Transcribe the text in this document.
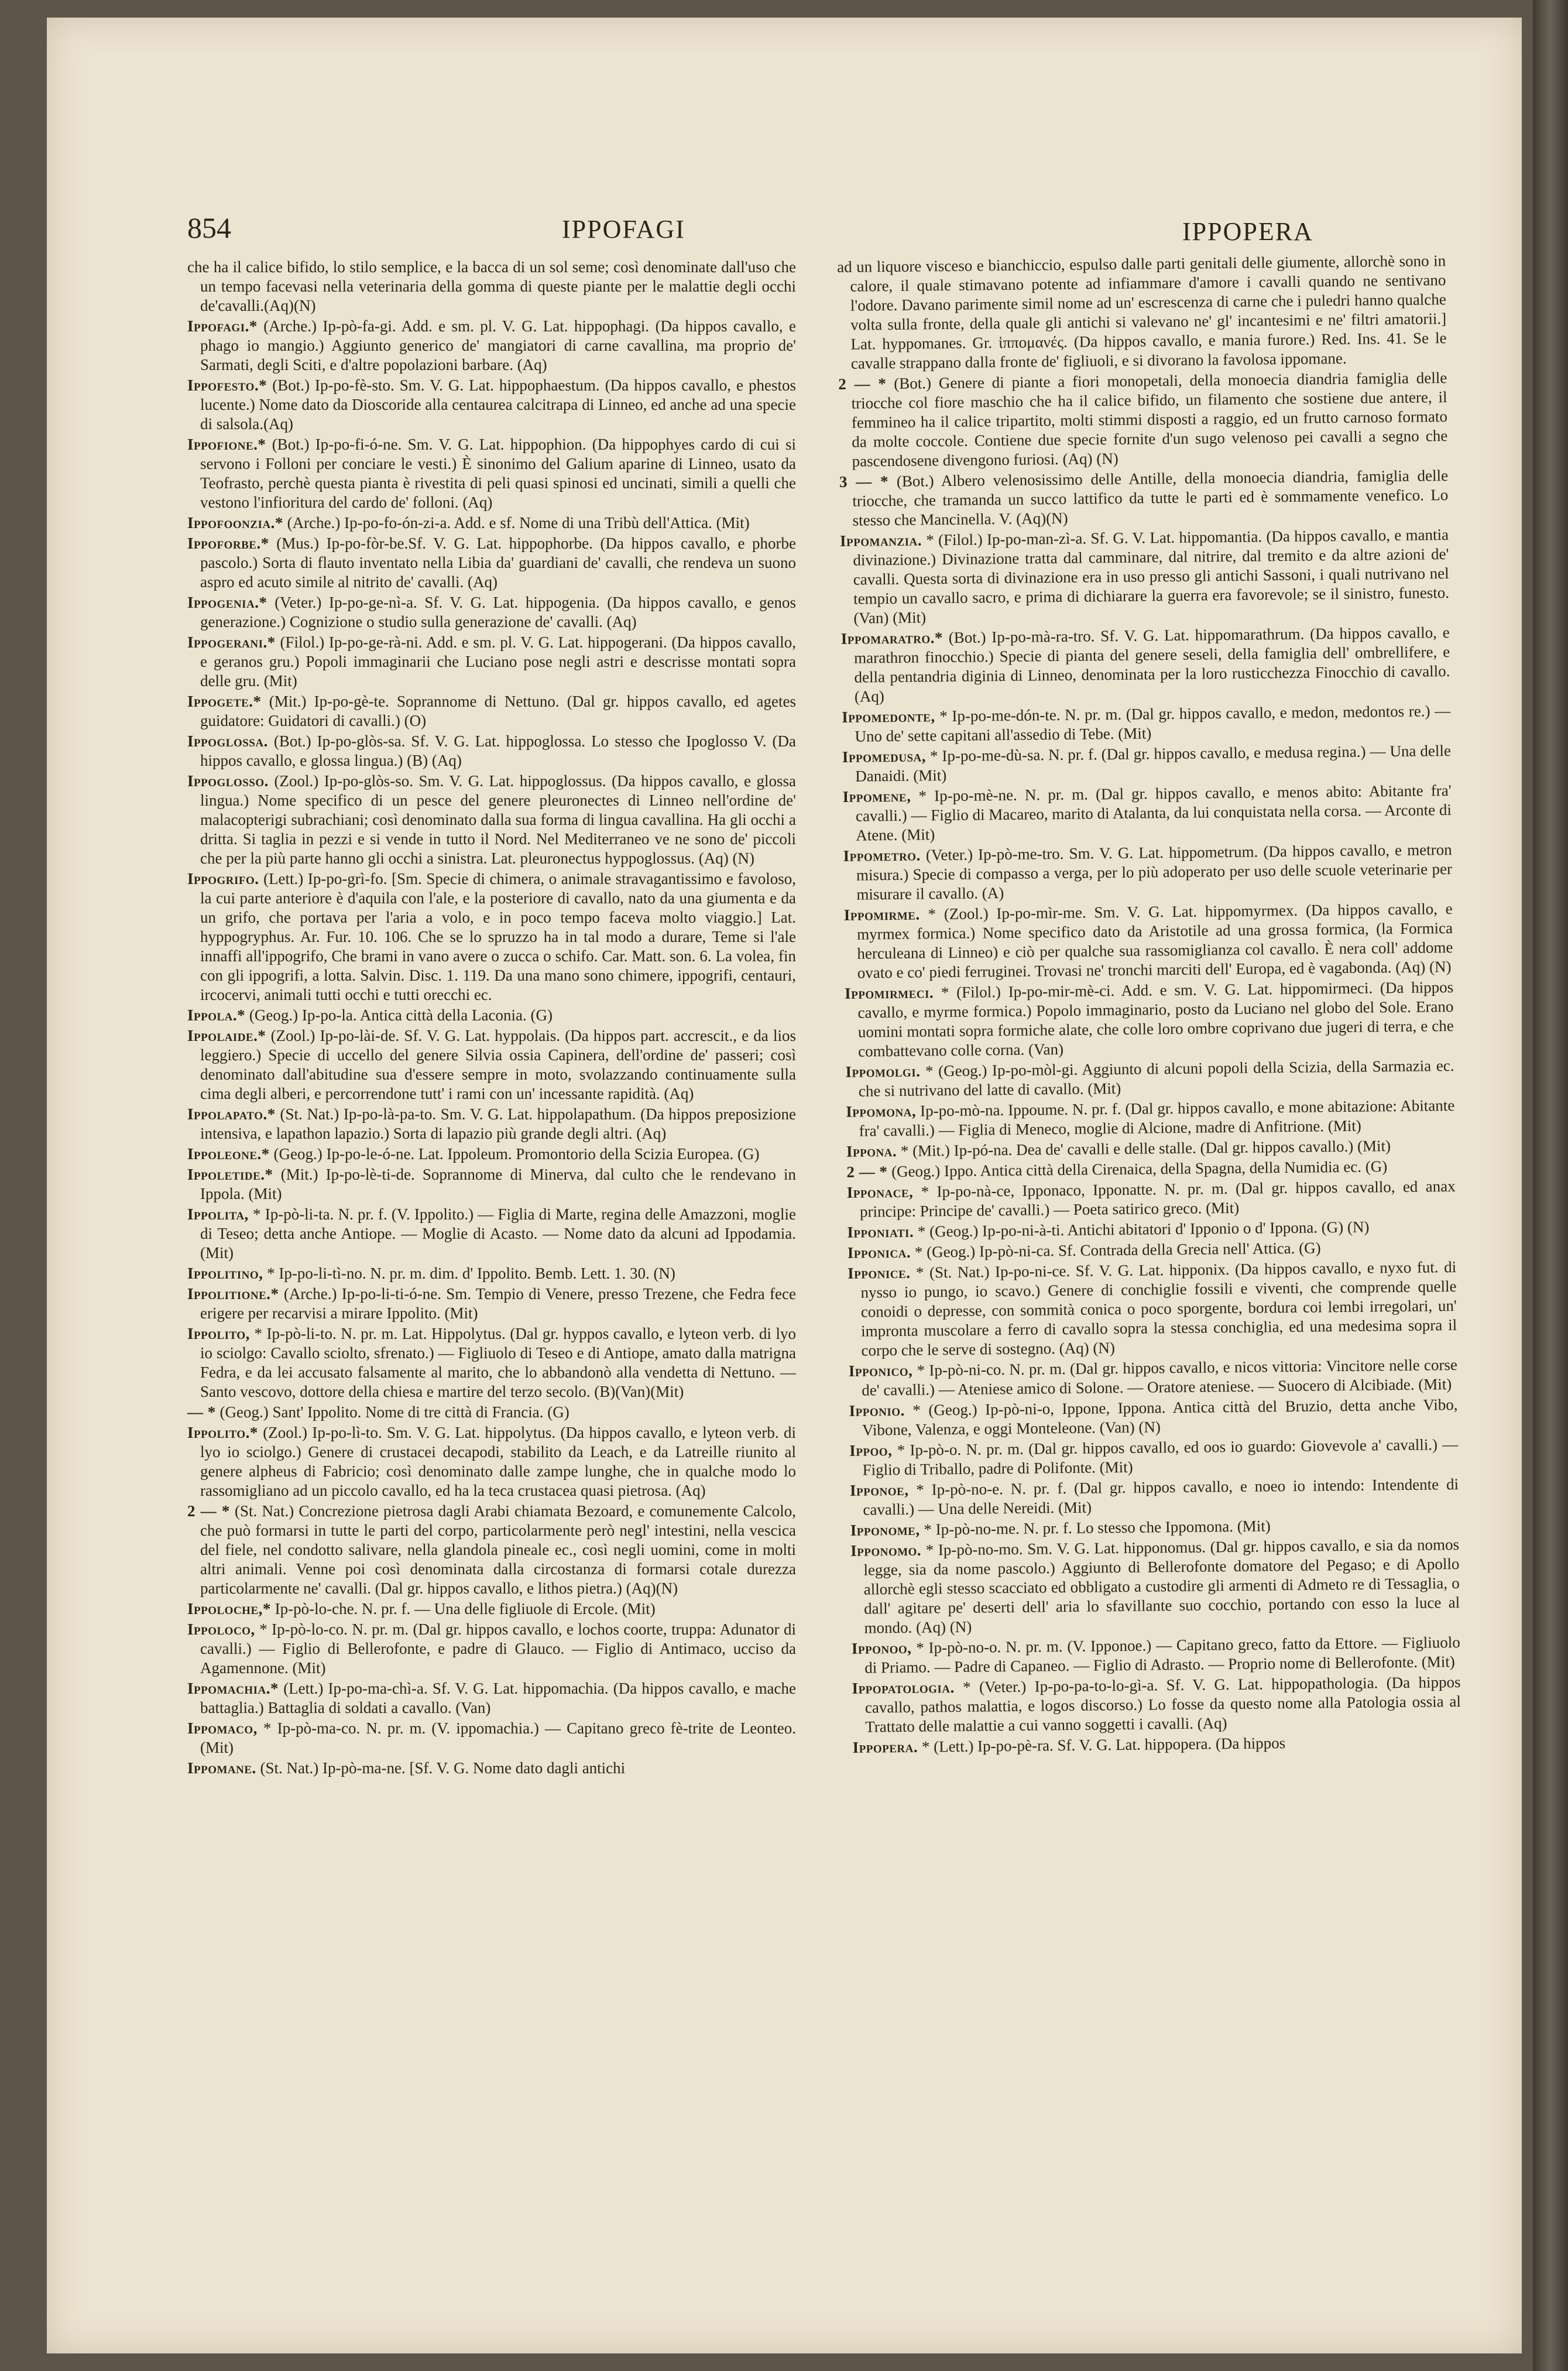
854	IPPOFAGI	IPPOPERA

che ha il calice bifido, lo stilo semplice, e la bacca di un sol seme; così denominate dall'uso che un tempo facevasi nella veterinaria della gomma di queste piante per le malattie degli occhi de'cavalli.(Aq)(N)

Ippofagi.* (Arche.) Ip-pò-fa-gi. Add. e sm. pl. V. G. Lat. hippophagi. (Da hippos cavallo, e phago io mangio.) Aggiunto generico de' mangiatori di carne cavallina, ma proprio de' Sarmati, degli Sciti, e d'altre popolazioni barbare. (Aq)

Ippofesto.* (Bot.) Ip-po-fè-sto. Sm. V. G. Lat. hippophaestum. (Da hippos cavallo, e phestos lucente.) Nome dato da Dioscoride alla centaurea calcitrapa di Linneo, ed anche ad una specie di salsola.(Aq)

Ippofione.* (Bot.) Ip-po-fi-ó-ne. Sm. V. G. Lat. hippophion. (Da hippophyes cardo di cui si servono i Folloni per conciare le vesti.) È sinonimo del Galium aparine di Linneo, usato da Teofrasto, perchè questa pianta è rivestita di peli quasi spinosi ed uncinati, simili a quelli che vestono l'infioritura del cardo de' folloni. (Aq)

Ippofoonzia.* (Arche.) Ip-po-fo-ón-zi-a. Add. e sf. Nome di una Tribù dell'Attica. (Mit)

Ippoforbe.* (Mus.) Ip-po-fòr-be.Sf. V. G. Lat. hippophorbe. (Da hippos cavallo, e phorbe pascolo.) Sorta di flauto inventato nella Libia da' guardiani de' cavalli, che rendeva un suono aspro ed acuto simile al nitrito de' cavalli. (Aq)

Ippogenia.* (Veter.) Ip-po-ge-nì-a. Sf. V. G. Lat. hippogenia. (Da hippos cavallo, e genos generazione.) Cognizione o studio sulla generazione de' cavalli. (Aq)

Ippogerani.* (Filol.) Ip-po-ge-rà-ni. Add. e sm. pl. V. G. Lat. hippogerani. (Da hippos cavallo, e geranos gru.) Popoli immaginarii che Luciano pose negli astri e descrisse montati sopra delle gru. (Mit)

Ippogete.* (Mit.) Ip-po-gè-te. Soprannome di Nettuno. (Dal gr. hippos cavallo, ed agetes guidatore: Guidatori di cavalli.) (O)

Ippoglossa. (Bot.) Ip-po-glòs-sa. Sf. V. G. Lat. hippoglossa. Lo stesso che Ipoglosso V. (Da hippos cavallo, e glossa lingua.) (B) (Aq)

Ippoglosso. (Zool.) Ip-po-glòs-so. Sm. V. G. Lat. hippoglossus. (Da hippos cavallo, e glossa lingua.) Nome specifico di un pesce del genere pleuronectes di Linneo nell'ordine de' malacopterigi subrachiani; così denominato dalla sua forma di lingua cavallina. Ha gli occhi a dritta. Si taglia in pezzi e si vende in tutto il Nord. Nel Mediterraneo ve ne sono de' piccoli che per la più parte hanno gli occhi a sinistra. Lat. pleuronectus hyppoglossus. (Aq) (N)

Ippogrifo. (Lett.) Ip-po-grì-fo. [Sm. Specie di chimera, o animale stravagantissimo e favoloso, la cui parte anteriore è d'aquila con l'ale, e la posteriore di cavallo, nato da una giumenta e da un grifo, che portava per l'aria a volo, e in poco tempo faceva molto viaggio.] Lat. hyppogryphus. Ar. Fur. 10. 106. Che se lo spruzzo ha in tal modo a durare, Teme si l'ale innaffi all'ippogrifo, Che brami in vano avere o zucca o schifo. Car. Matt. son. 6. La volea, fin con gli ippogrifi, a lotta. Salvin. Disc. 1. 119. Da una mano sono chimere, ippogrifi, centauri, ircocervi, animali tutti occhi e tutti orecchi ec.

Ippola.* (Geog.) Ip-po-la. Antica città della Laconia. (G)

Ippolaide.* (Zool.) Ip-po-lài-de. Sf. V. G. Lat. hyppolais. (Da hippos part. accrescit., e da lios leggiero.) Specie di uccello del genere Silvia ossia Capinera, dell'ordine de' passeri; così denominato dall'abitudine sua d'essere sempre in moto, svolazzando continuamente sulla cima degli alberi, e percorrendone tutt' i rami con un' incessante rapidità. (Aq)

Ippolapato.* (St. Nat.) Ip-po-là-pa-to. Sm. V. G. Lat. hippolapathum. (Da hippos preposizione intensiva, e lapathon lapazio.) Sorta di lapazio più grande degli altri. (Aq)

Ippoleone.* (Geog.) Ip-po-le-ó-ne. Lat. Ippoleum. Promontorio della Scizia Europea. (G)

Ippoletide.* (Mit.) Ip-po-lè-ti-de. Soprannome di Minerva, dal culto che le rendevano in Ippola. (Mit)

Ippolita, * Ip-pò-li-ta. N. pr. f. (V. Ippolito.) — Figlia di Marte, regina delle Amazzoni, moglie di Teseo; detta anche Antiope. — Moglie di Acasto. — Nome dato da alcuni ad Ippodamia. (Mit)

Ippolitino, * Ip-po-li-tì-no. N. pr. m. dim. d' Ippolito. Bemb. Lett. 1. 30. (N)

Ippolitione.* (Arche.) Ip-po-li-ti-ó-ne. Sm. Tempio di Venere, presso Trezene, che Fedra fece erigere per recarvisi a mirare Ippolito. (Mit)

Ippolito, * Ip-pò-li-to. N. pr. m. Lat. Hippolytus. (Dal gr. hyppos cavallo, e lyteon verb. di lyo io sciolgo: Cavallo sciolto, sfrenato.) — Figliuolo di Teseo e di Antiope, amato dalla matrigna Fedra, e da lei accusato falsamente al marito, che lo abbandonò alla vendetta di Nettuno. — Santo vescovo, dottore della chiesa e martire del terzo secolo. (B)(Van)(Mit)

— * (Geog.) Sant' Ippolito. Nome di tre città di Francia. (G)

Ippolito.* (Zool.) Ip-po-lì-to. Sm. V. G. Lat. hippolytus. (Da hippos cavallo, e lyteon verb. di lyo io sciolgo.) Genere di crustacei decapodi, stabilito da Leach, e da Latreille riunito al genere alpheus di Fabricio; così denominato dalle zampe lunghe, che in qualche modo lo rassomigliano ad un piccolo cavallo, ed ha la teca crustacea quasi pietrosa. (Aq)

2 — * (St. Nat.) Concrezione pietrosa dagli Arabi chiamata Bezoard, e comunemente Calcolo, che può formarsi in tutte le parti del corpo, particolarmente però negl' intestini, nella vescica del fiele, nel condotto salivare, nella glandola pineale ec., così negli uomini, come in molti altri animali. Venne poi così denominata dalla circostanza di formarsi cotale durezza particolarmente ne' cavalli. (Dal gr. hippos cavallo, e lithos pietra.) (Aq)(N)

Ippoloche,* Ip-pò-lo-che. N. pr. f. — Una delle figliuole di Ercole. (Mit)

Ippoloco, * Ip-pò-lo-co. N. pr. m. (Dal gr. hippos cavallo, e lochos coorte, truppa: Adunator di cavalli.) — Figlio di Bellerofonte, e padre di Glauco. — Figlio di Antimaco, ucciso da Agamennone. (Mit)

Ippomachia.* (Lett.) Ip-po-ma-chì-a. Sf. V. G. Lat. hippomachia. (Da hippos cavallo, e mache battaglia.) Battaglia di soldati a cavallo. (Van)

Ippomaco, * Ip-pò-ma-co. N. pr. m. (V. ippomachia.) — Capitano greco fè-trite de Leonteo. (Mit)

Ippomane. (St. Nat.) Ip-pò-ma-ne. [Sf. V. G. Nome dato dagli antichi

ad un liquore visceso e bianchiccio, espulso dalle parti genitali delle giumente, allorchè sono in calore, il quale stimavano potente ad infiammare d'amore i cavalli quando ne sentivano l'odore. Davano parimente simil nome ad un' escrescenza di carne che i puledri hanno qualche volta sulla fronte, della quale gli antichi si valevano ne' gl' incantesimi e ne' filtri amatorii.] Lat. hyppomanes. Gr. ἱππομανές. (Da hippos cavallo, e mania furore.) Red. Ins. 41. Se le cavalle strappano dalla fronte de' figliuoli, e si divorano la favolosa ippomane.

2 — * (Bot.) Genere di piante a fiori monopetali, della monoecia diandria famiglia delle triocche col fiore maschio che ha il calice bifido, un filamento che sostiene due antere, il femmineo ha il calice tripartito, molti stimmi disposti a raggio, ed un frutto carnoso formato da molte coccole. Contiene due specie fornite d'un sugo velenoso pei cavalli a segno che pascendosene divengono furiosi. (Aq) (N)

3 — * (Bot.) Albero velenosissimo delle Antille, della monoecia diandria, famiglia delle triocche, che tramanda un succo lattifico da tutte le parti ed è sommamente venefico. Lo stesso che Mancinella. V. (Aq)(N)

Ippomanzia. * (Filol.) Ip-po-man-zì-a. Sf. G. V. Lat. hippomantia. (Da hippos cavallo, e mantia divinazione.) Divinazione tratta dal camminare, dal nitrire, dal tremito e da altre azioni de' cavalli. Questa sorta di divinazione era in uso presso gli antichi Sassoni, i quali nutrivano nel tempio un cavallo sacro, e prima di dichiarare la guerra era favorevole; se il sinistro, funesto. (Van) (Mit)

Ippomaratro.* (Bot.) Ip-po-mà-ra-tro. Sf. V. G. Lat. hippomarathrum. (Da hippos cavallo, e marathron finocchio.) Specie di pianta del genere seseli, della famiglia dell' ombrellifere, e della pentandria diginia di Linneo, denominata per la loro rusticchezza Finocchio di cavallo. (Aq)

Ippomedonte, * Ip-po-me-dón-te. N. pr. m. (Dal gr. hippos cavallo, e medon, medontos re.) — Uno de' sette capitani all'assedio di Tebe. (Mit)

Ippomedusa, * Ip-po-me-dù-sa. N. pr. f. (Dal gr. hippos cavallo, e medusa regina.) — Una delle Danaidi. (Mit)

Ippomene, * Ip-po-mè-ne. N. pr. m. (Dal gr. hippos cavallo, e menos abito: Abitante fra' cavalli.) — Figlio di Macareo, marito di Atalanta, da lui conquistata nella corsa. — Arconte di Atene. (Mit)

Ippometro. (Veter.) Ip-pò-me-tro. Sm. V. G. Lat. hippometrum. (Da hippos cavallo, e metron misura.) Specie di compasso a verga, per lo più adoperato per uso delle scuole veterinarie per misurare il cavallo. (A)

Ippomirme. * (Zool.) Ip-po-mìr-me. Sm. V. G. Lat. hippomyrmex. (Da hippos cavallo, e myrmex formica.) Nome specifico dato da Aristotile ad una grossa formica, (la Formica herculeana di Linneo) e ciò per qualche sua rassomiglianza col cavallo. È nera coll' addome ovato e co' piedi ferruginei. Trovasi ne' tronchi marciti dell' Europa, ed è vagabonda. (Aq) (N)

Ippomirmeci. * (Filol.) Ip-po-mir-mè-ci. Add. e sm. V. G. Lat. hippomirmeci. (Da hippos cavallo, e myrme formica.) Popolo immaginario, posto da Luciano nel globo del Sole. Erano uomini montati sopra formiche alate, che colle loro ombre coprivano due jugeri di terra, e che combattevano colle corna. (Van)

Ippomolgi. * (Geog.) Ip-po-mòl-gi. Aggiunto di alcuni popoli della Scizia, della Sarmazia ec. che si nutrivano del latte di cavallo. (Mit)

Ippomona, Ip-po-mò-na. Ippoume. N. pr. f. (Dal gr. hippos cavallo, e mone abitazione: Abitante fra' cavalli.) — Figlia di Meneco, moglie di Alcione, madre di Anfitrione. (Mit)

Ippona. * (Mit.) Ip-pó-na. Dea de' cavalli e delle stalle. (Dal gr. hippos cavallo.) (Mit)

2 — * (Geog.) Ippo. Antica città della Cirenaica, della Spagna, della Numidia ec. (G)

Ipponace, * Ip-po-nà-ce, Ipponaco, Ipponatte. N. pr. m. (Dal gr. hippos cavallo, ed anax principe: Principe de' cavalli.) — Poeta satirico greco. (Mit)

Ipponiati. * (Geog.) Ip-po-ni-à-ti. Antichi abitatori d' Ipponio o d' Ippona. (G) (N)

Ipponica. * (Geog.) Ip-pò-ni-ca. Sf. Contrada della Grecia nell' Attica. (G)

Ipponice. * (St. Nat.) Ip-po-ni-ce. Sf. V. G. Lat. hipponix. (Da hippos cavallo, e nyxo fut. di nysso io pungo, io scavo.) Genere di conchiglie fossili e viventi, che comprende quelle conoidi o depresse, con sommità conica o poco sporgente, bordura coi lembi irregolari, un' impronta muscolare a ferro di cavallo sopra la stessa conchiglia, ed una medesima sopra il corpo che le serve di sostegno. (Aq) (N)

Ipponico, * Ip-pò-ni-co. N. pr. m. (Dal gr. hippos cavallo, e nicos vittoria: Vincitore nelle corse de' cavalli.) — Ateniese amico di Solone. — Oratore ateniese. — Suocero di Alcibiade. (Mit)

Ipponio. * (Geog.) Ip-pò-ni-o, Ippone, Ippona. Antica città del Bruzio, detta anche Vibo, Vibone, Valenza, e oggi Monteleone. (Van) (N)

Ippoo, * Ip-pò-o. N. pr. m. (Dal gr. hippos cavallo, ed oos io guardo: Giovevole a' cavalli.) — Figlio di Triballo, padre di Polifonte. (Mit)

Ipponoe, * Ip-pò-no-e. N. pr. f. (Dal gr. hippos cavallo, e noeo io intendo: Intendente di cavalli.) — Una delle Nereidi. (Mit)

Ipponome, * Ip-pò-no-me. N. pr. f. Lo stesso che Ippomona. (Mit)

Ipponomo. * Ip-pò-no-mo. Sm. V. G. Lat. hipponomus. (Dal gr. hippos cavallo, e sia da nomos legge, sia da nome pascolo.) Aggiunto di Bellerofonte domatore del Pegaso; e di Apollo allorchè egli stesso scacciato ed obbligato a custodire gli armenti di Admeto re di Tessaglia, o dall' agitare pe' deserti dell' aria lo sfavillante suo cocchio, portando con esso la luce al mondo. (Aq) (N)

Ipponoo, * Ip-pò-no-o. N. pr. m. (V. Ipponoe.) — Capitano greco, fatto da Ettore. — Figliuolo di Priamo. — Padre di Capaneo. — Figlio di Adrasto. — Proprio nome di Bellerofonte. (Mit)

Ippopatologia. * (Veter.) Ip-po-pa-to-lo-gì-a. Sf. V. G. Lat. hippopathologia. (Da hippos cavallo, pathos malattia, e logos discorso.) Lo fosse da questo nome alla Patologia ossia al Trattato delle malattie a cui vanno soggetti i cavalli. (Aq)

Ippopera. * (Lett.) Ip-po-pè-ra. Sf. V. G. Lat. hippopera. (Da hippos
